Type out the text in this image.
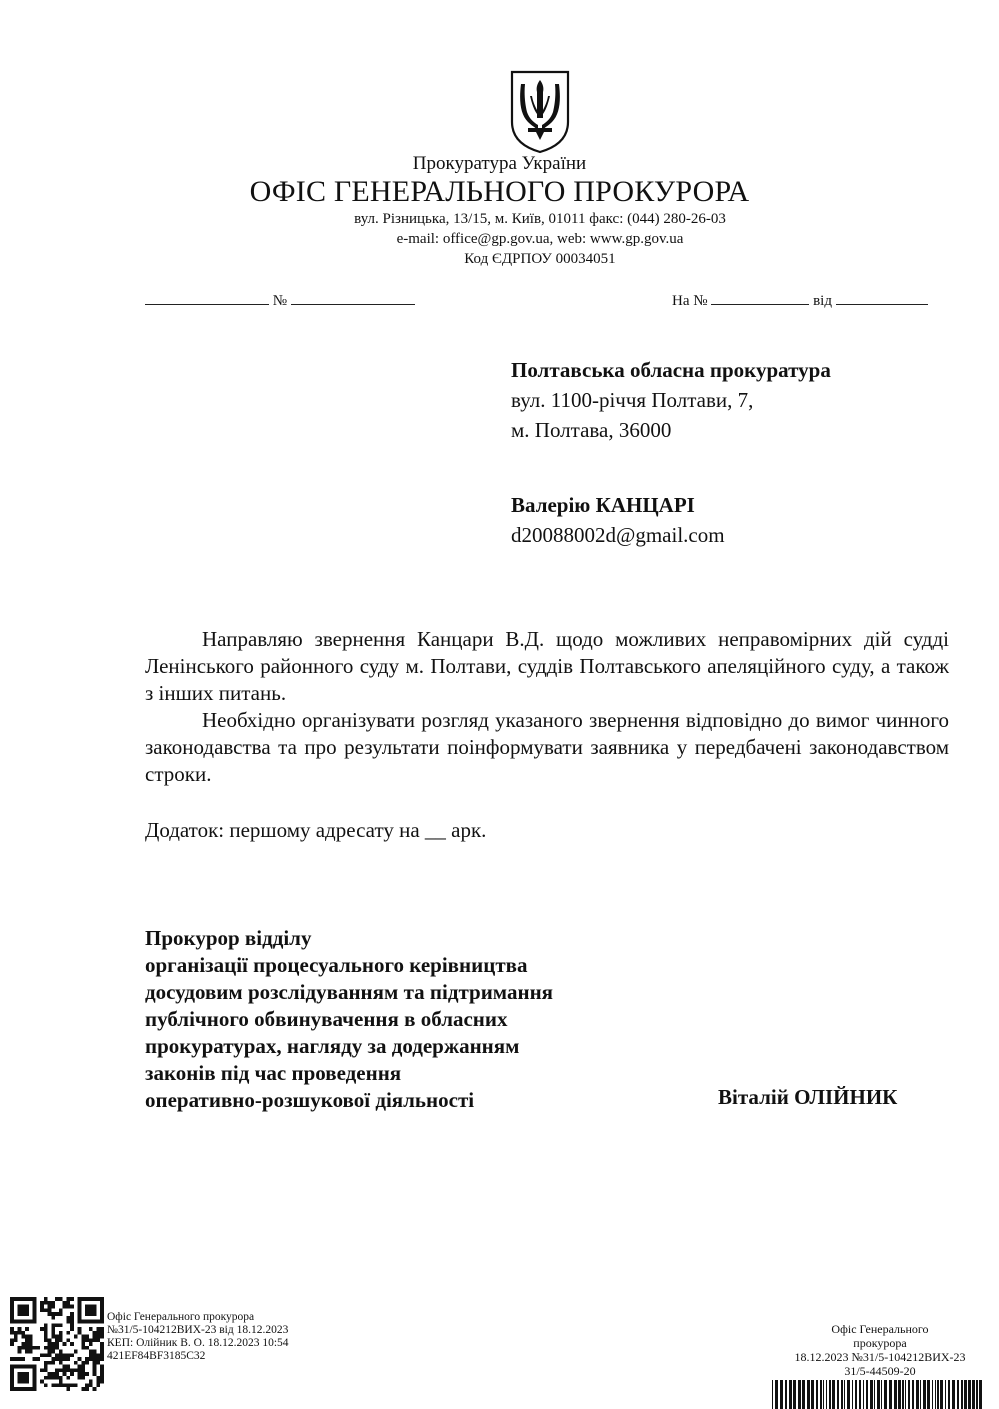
Прокуратура України
ОФІС ГЕНЕРАЛЬНОГО ПРОКУРОРА
вул. Різницька, 13/15, м. Київ, 01011 факс: (044) 280-26-03
e-mail: office@gp.gov.ua, web: www.gp.gov.ua
Код ЄДРПОУ 00034051
№	На №	від
Полтавська обласна прокуратура
вул. 1100-річчя Полтави, 7,
м. Полтава, 36000
Валерію КАНЦАРІ
d20088002d@gmail.com

Направляю звернення Канцари В.Д. щодо можливих неправомірних дій судді Ленінського районного суду м. Полтави, суддів Полтавського апеляційного суду, а також з інших питань.

Необхідно організувати розгляд указаного звернення відповідно до вимог чинного законодавства та про результати поінформувати заявника у передбачені законодавством строки.

Додаток: першому адресату на __ арк.
Прокурор відділу
організації процесуального керівництва
досудовим розслідуванням та підтримання
публічного обвинувачення в обласних
прокуратурах, нагляду за додержанням
законів під час проведення
оперативно-розшукової діяльності	Віталій ОЛІЙНИК
Офіс Генерального прокурора
№31/5-104212ВИХ-23 від 18.12.2023
КЕП: Олійник В. О. 18.12.2023 10:54
421EF84BF3185C32
Офіс Генерального
прокурора
18.12.2023 №31/5-104212ВИХ-23
31/5-44509-20
